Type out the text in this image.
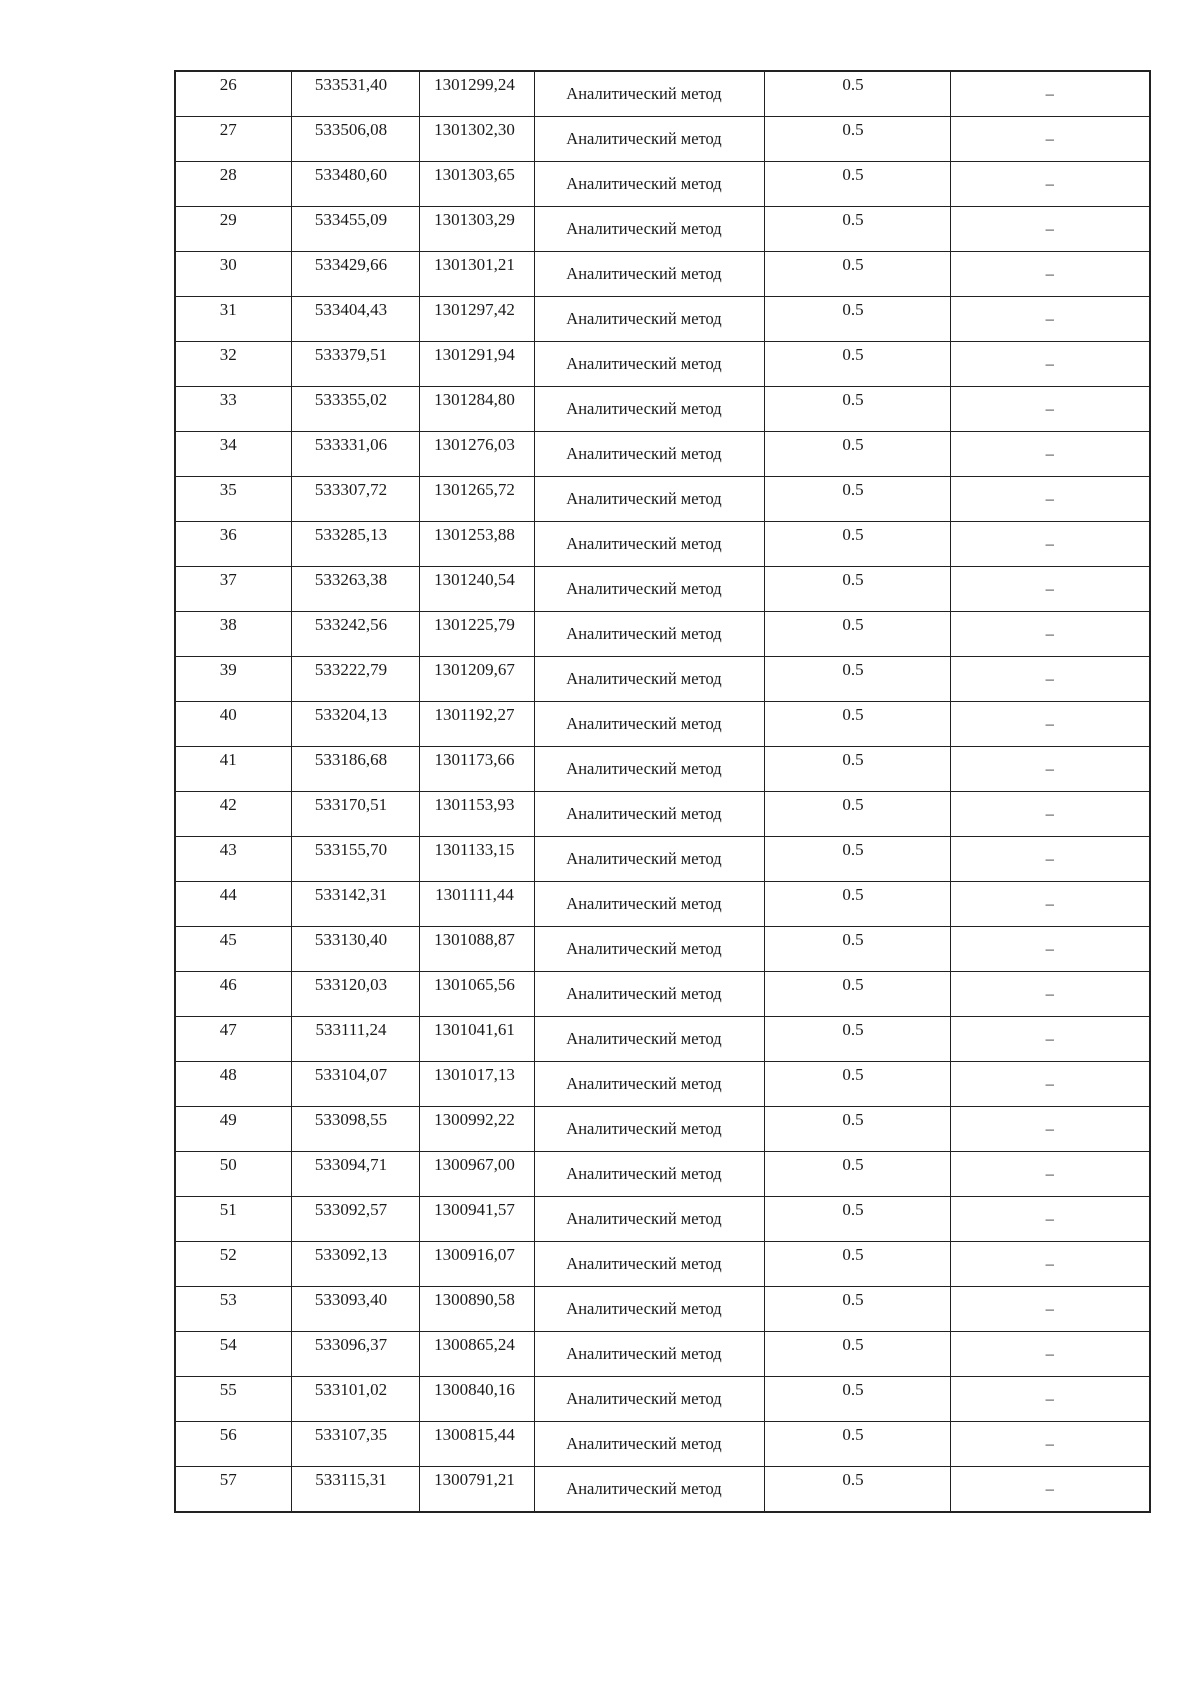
26	533531,40	1301299,24	Аналитический метод	0.5	–

27	533506,08	1301302,30	Аналитический метод	0.5	–

28	533480,60	1301303,65	Аналитический метод	0.5	–

29	533455,09	1301303,29	Аналитический метод	0.5	–

30	533429,66	1301301,21	Аналитический метод	0.5	–

31	533404,43	1301297,42	Аналитический метод	0.5	–

32	533379,51	1301291,94	Аналитический метод	0.5	–

33	533355,02	1301284,80	Аналитический метод	0.5	–

34	533331,06	1301276,03	Аналитический метод	0.5	–

35	533307,72	1301265,72	Аналитический метод	0.5	–

36	533285,13	1301253,88	Аналитический метод	0.5	–

37	533263,38	1301240,54	Аналитический метод	0.5	–

38	533242,56	1301225,79	Аналитический метод	0.5	–

39	533222,79	1301209,67	Аналитический метод	0.5	–

40	533204,13	1301192,27	Аналитический метод	0.5	–

41	533186,68	1301173,66	Аналитический метод	0.5	–

42	533170,51	1301153,93	Аналитический метод	0.5	–

43	533155,70	1301133,15	Аналитический метод	0.5	–

44	533142,31	1301111,44	Аналитический метод	0.5	–

45	533130,40	1301088,87	Аналитический метод	0.5	–

46	533120,03	1301065,56	Аналитический метод	0.5	–

47	533111,24	1301041,61	Аналитический метод	0.5	–

48	533104,07	1301017,13	Аналитический метод	0.5	–

49	533098,55	1300992,22	Аналитический метод	0.5	–

50	533094,71	1300967,00	Аналитический метод	0.5	–

51	533092,57	1300941,57	Аналитический метод	0.5	–

52	533092,13	1300916,07	Аналитический метод	0.5	–

53	533093,40	1300890,58	Аналитический метод	0.5	–

54	533096,37	1300865,24	Аналитический метод	0.5	–

55	533101,02	1300840,16	Аналитический метод	0.5	–

56	533107,35	1300815,44	Аналитический метод	0.5	–

57	533115,31	1300791,21	Аналитический метод	0.5	–
